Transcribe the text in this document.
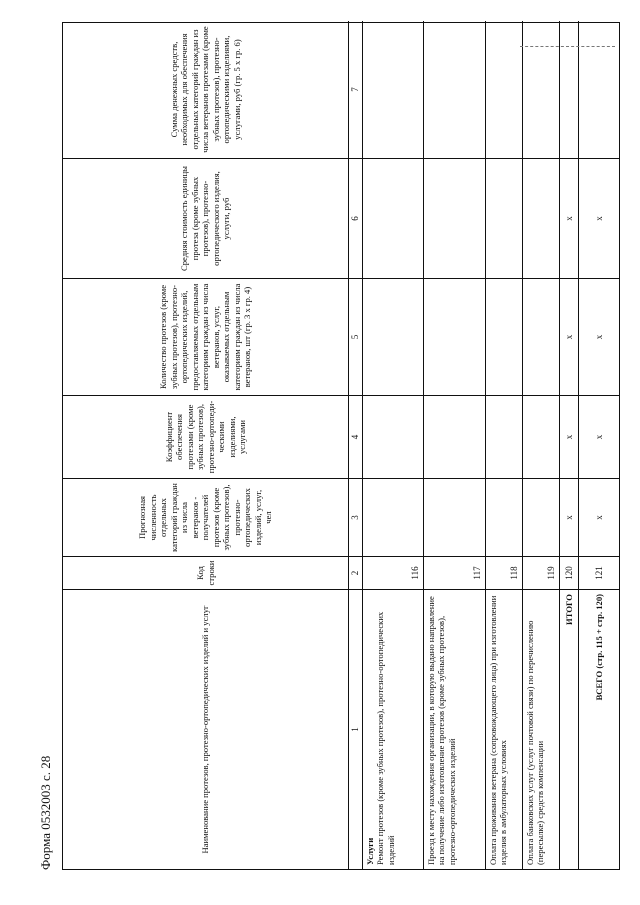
Форма 0532003 с. 28	Наименование протезов, протезно-ортопедических изделий и услуг
Код строки
Прогнозная численность отдельных категорий граждан из числа ветеранов - получателей протезов (кроме зубных протезов), протезно-ортопедических изделий, услуг, чел
Коэффициент обеспечения протезами (кроме зубных протезов), протезно-ортопеди-ческими изделиями, услугами
Количество протезов (кроме зубных протезов), протезно-ортопедических изделий, предоставляемых отдельным категориям граждан из числа ветеранов, услуг, оказываемых отдельным категориям граждан из числа ветеранов, шт (гр. 3 x гр. 4)
Средняя стоимость единицы протеза (кроме зубных протезов), протезно-ортопедического изделия, услуги, руб
Сумма денежных средств, необходимых для обеспечения отдельных категорий граждан из числа ветеранов протезами (кроме зубных протезов), протезно-ортопедическими изделиями, услугами, руб (гр. 5 x гр. 6)
1
2
3
4
5
6
7
Услуги Ремонт протезов (кроме зубных протезов), протезно-ортопедических изделий
116
Проезд к месту нахождения организации, в которую выдано направление на получение либо изготовление протезов (кроме зубных протезов), протезно-ортопедических изделий
117
Оплата проживания ветерана (сопровождающего лица) при изготовлении изделия в амбулаторных условиях
118
Оплата банковских услуг (услуг почтовой связи) по перечислению (пересылке) средств компенсации
119
ИТОГО
120
x
x
x
x
ВСЕГО (стр. 115 + стр. 120)
121
x
x
x
x
